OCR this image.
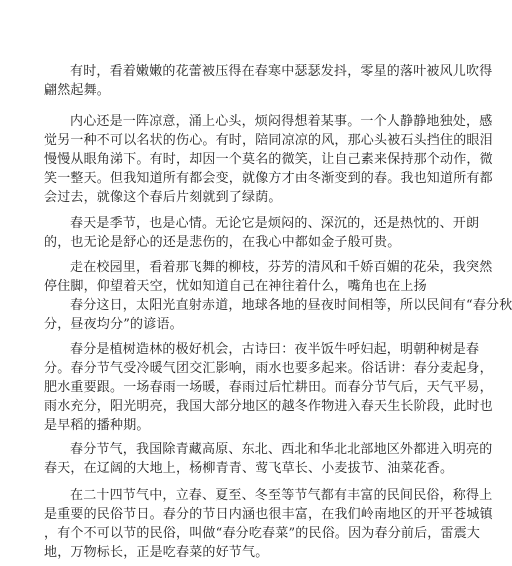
有时，看着嫩嫩的花蕾被压得在春寒中瑟瑟发抖，零星的落叶被风儿吹得
翩然起舞。
内心还是一阵凉意，涌上心头，烦闷得想着某事。一个人静静地独处，感
觉另一种不可以名状的伤心。有时，陪同凉凉的风，那心头被石头挡住的眼泪
慢慢从眼角涕下。有时，却因一个莫名的微笑，让自己素来保持那个动作，微
笑一整天。但我知道所有都会变，就像方才由冬渐变到的春。我也知道所有都
会过去，就像这个春后片刻就到了绿荫。
春天是季节，也是心情。无论它是烦闷的、深沉的，还是热忱的、开朗
的，也无论是舒心的还是悲伤的，在我心中都如金子般可贵。
走在校园里，看着那飞舞的柳枝，芬芳的清风和千娇百媚的花朵，我突然
停住脚，仰望着天空，忧如知道自己在神往着什么，嘴角也在上扬
春分这日，太阳光直射赤道，地球各地的昼夜时间相等，所以民间有“春分秋
分，昼夜均分”的谚语。
春分是植树造林的极好机会，古诗曰：夜半饭牛呼妇起，明朝种树是春
分。春分节气受冷暖气团交汇影响，雨水也要多起来。俗话讲：春分麦起身，
肥水重要跟。一场春雨一场暖，春雨过后忙耕田。而春分节气后，天气平易，
雨水充分，阳光明亮，我国大部分地区的越冬作物进入春天生长阶段，此时也
是早稻的播种期。
春分节气，我国除青藏高原、东北、西北和华北北部地区外都进入明亮的
春天，在辽阔的大地上，杨柳青青、莺飞草长、小麦拔节、油菜花香。
在二十四节气中，立春、夏至、冬至等节气都有丰富的民间民俗，称得上
是重要的民俗节日。春分的节日内涵也很丰富，在我们岭南地区的开平苍城镇
，有个不可以节的民俗，叫做“春分吃春菜”的民俗。因为春分前后，雷震大
地，万物标长，正是吃春菜的好节气。
